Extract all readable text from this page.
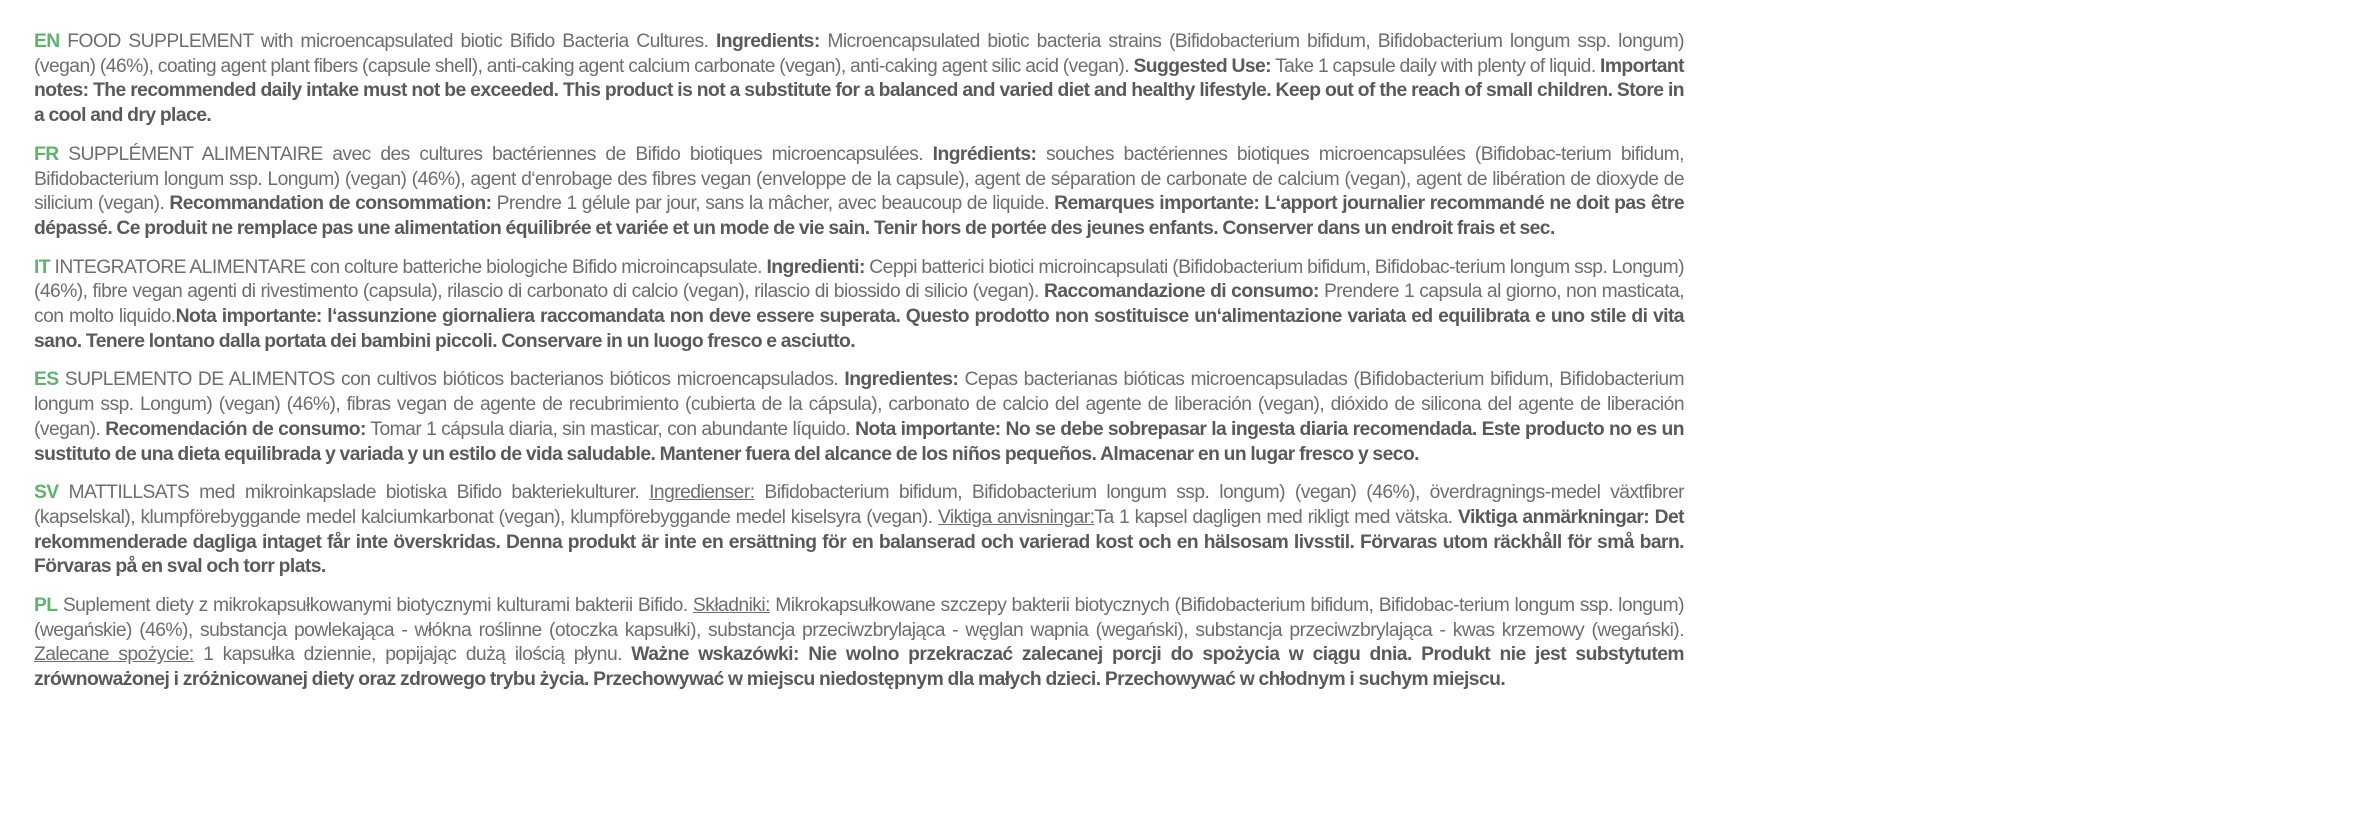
EN FOOD SUPPLEMENT with microencapsulated biotic Bifido Bacteria Cultures. Ingredients: Microencapsulated biotic bacteria strains (Bifidobacterium bifidum, Bifidobacterium longum ssp. longum) (vegan) (46%), coating agent plant fibers (capsule shell), anti-caking agent calcium carbonate (vegan), anti-caking agent silic acid (vegan). Suggested Use: Take 1 capsule daily with plenty of liquid. Important notes: The recommended daily intake must not be exceeded. This product is not a substitute for a balanced and varied diet and healthy lifestyle. Keep out of the reach of small children. Store in a cool and dry place.

FR SUPPLÉMENT ALIMENTAIRE avec des cultures bactériennes de Bifido biotiques microencapsulées. Ingrédients: souches bactériennes biotiques microencapsulées (Bifidobac-terium bifidum, Bifidobacterium longum ssp. Longum) (vegan) (46%), agent d‘enrobage des fibres vegan (enveloppe de la capsule), agent de séparation de carbonate de calcium (vegan), agent de libération de dioxyde de silicium (vegan). Recommandation de consommation: Prendre 1 gélule par jour, sans la mâcher, avec beaucoup de liquide. Remarques importante: L‘apport journalier recommandé ne doit pas être dépassé. Ce produit ne remplace pas une alimentation équilibrée et variée et un mode de vie sain. Tenir hors de portée des jeunes enfants. Conserver dans un endroit frais et sec.

IT INTEGRATORE ALIMENTARE con colture batteriche biologiche Bifido microincapsulate. Ingredienti: Ceppi batterici biotici microincapsulati (Bifidobacterium bifidum, Bifidobac-terium longum ssp. Longum) (46%), fibre vegan agenti di rivestimento (capsula), rilascio di carbonato di calcio (vegan), rilascio di biossido di silicio (vegan). Raccomandazione di consumo: Prendere 1 capsula al giorno, non masticata, con molto liquido.Nota importante: l‘assunzione giornaliera raccomandata non deve essere superata. Questo prodotto non sostituisce un‘alimentazione variata ed equilibrata e uno stile di vita sano. Tenere lontano dalla portata dei bambini piccoli. Conservare in un luogo fresco e asciutto.

ES SUPLEMENTO DE ALIMENTOS con cultivos bióticos bacterianos bióticos microencapsulados. Ingredientes: Cepas bacterianas bióticas microencapsuladas (Bifidobacterium bifidum, Bifidobacterium longum ssp. Longum) (vegan) (46%), fibras vegan de agente de recubrimiento (cubierta de la cápsula), carbonato de calcio del agente de liberación (vegan), dióxido de silicona del agente de liberación (vegan). Recomendación de consumo: Tomar 1 cápsula diaria, sin masticar, con abundante líquido. Nota importante: No se debe sobrepasar la ingesta diaria recomendada. Este producto no es un sustituto de una dieta equilibrada y variada y un estilo de vida saludable. Mantener fuera del alcance de los niños pequeños. Almacenar en un lugar fresco y seco.

SV MATTILLSATS med mikroinkapslade biotiska Bifido bakteriekulturer. Ingredienser: Bifidobacterium bifidum, Bifidobacterium longum ssp. longum) (vegan) (46%), överdragnings-medel växtfibrer (kapselskal), klumpförebyggande medel kalciumkarbonat (vegan), klumpförebyggande medel kiselsyra (vegan). Viktiga anvisningar:Ta 1 kapsel dagligen med rikligt med vätska. Viktiga anmärkningar: Det rekommenderade dagliga intaget får inte överskridas. Denna produkt är inte en ersättning för en balanserad och varierad kost och en hälsosam livsstil. Förvaras utom räckhåll för små barn. Förvaras på en sval och torr plats.

PL Suplement diety z mikrokapsułkowanymi biotycznymi kulturami bakterii Bifido. Składniki: Mikrokapsułkowane szczepy bakterii biotycznych (Bifidobacterium bifidum, Bifidobac-terium longum ssp. longum) (wegańskie) (46%), substancja powlekająca - włókna roślinne (otoczka kapsułki), substancja przeciwzbrylająca - węglan wapnia (wegański), substancja przeciwzbrylająca - kwas krzemowy (wegański). Zalecane spożycie: 1 kapsułka dziennie, popijając dużą ilością płynu. Ważne wskazówki: Nie wolno przekraczać zalecanej porcji do spożycia w ciągu dnia. Produkt nie jest substytutem zrównoważonej i zróżnicowanej diety oraz zdrowego trybu życia. Przechowywać w miejscu niedostępnym dla małych dzieci. Przechowywać w chłodnym i suchym miejscu.
